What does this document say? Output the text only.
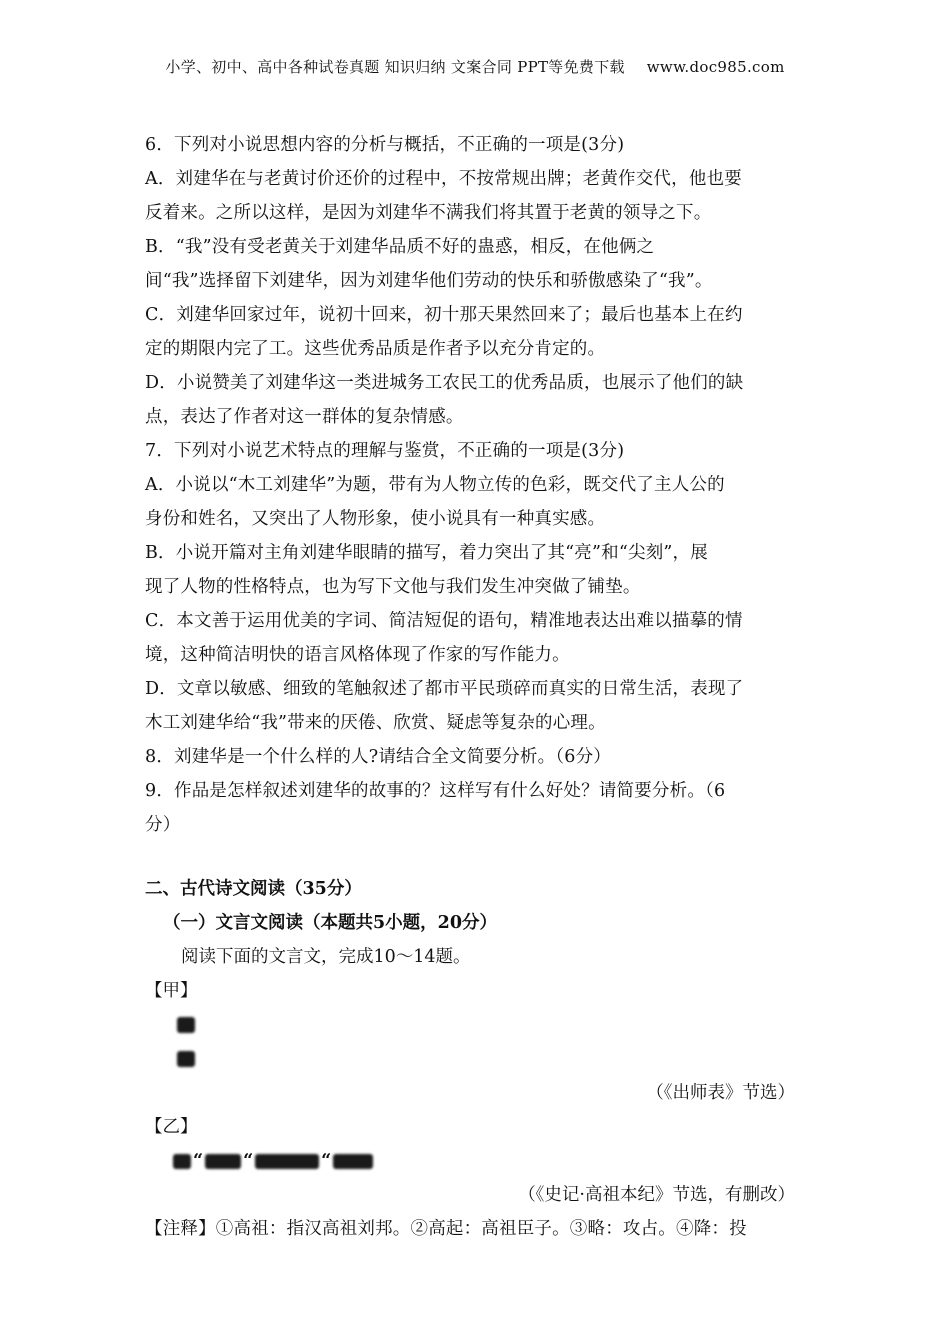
小学、初中、高中各种试卷真题 知识归纳 文案合同 PPT等免费下载 www.doc985.com

6．下列对小说思想内容的分析与概括，不正确的一项是(3分)

A．刘建华在与老黄讨价还价的过程中，不按常规出牌；老黄作交代，他也要

反着来。之所以这样，是因为刘建华不满我们将其置于老黄的领导之下。

B．“我”没有受老黄关于刘建华品质不好的蛊惑，相反，在他俩之

间“我”选择留下刘建华，因为刘建华他们劳动的快乐和骄傲感染了“我”。

C．刘建华回家过年，说初十回来，初十那天果然回来了；最后也基本上在约

定的期限内完了工。这些优秀品质是作者予以充分肯定的。

D．小说赞美了刘建华这一类进城务工农民工的优秀品质，也展示了他们的缺

点，表达了作者对这一群体的复杂情感。

7．下列对小说艺术特点的理解与鉴赏，不正确的一项是(3分)

A．小说以“木工刘建华”为题，带有为人物立传的色彩，既交代了主人公的

身份和姓名，又突出了人物形象，使小说具有一种真实感。

B．小说开篇对主角刘建华眼睛的描写，着力突出了其“亮”和“尖刻”，展

现了人物的性格特点，也为写下文他与我们发生冲突做了铺垫。

C．本文善于运用优美的字词、简洁短促的语句，精准地表达出难以描摹的情

境，这种简洁明快的语言风格体现了作家的写作能力。

D．文章以敏感、细致的笔触叙述了都市平民琐碎而真实的日常生活，表现了

木工刘建华给“我”带来的厌倦、欣赏、疑虑等复杂的心理。

8．刘建华是一个什么样的人?请结合全文简要分析。（6分）

9．作品是怎样叙述刘建华的故事的？这样写有什么好处？请简要分析。（6

分）

二、古代诗文阅读（35分）
（一）文言文阅读（本题共5小题，20分）
阅读下面的文言文，完成10～14题。
【甲】
（《出师表》节选）
【乙】
“ “	“
（《史记·高祖本纪》节选，有删改）
【注释】①高祖：指汉高祖刘邦。②高起：高祖臣子。③略：攻占。④降：投
